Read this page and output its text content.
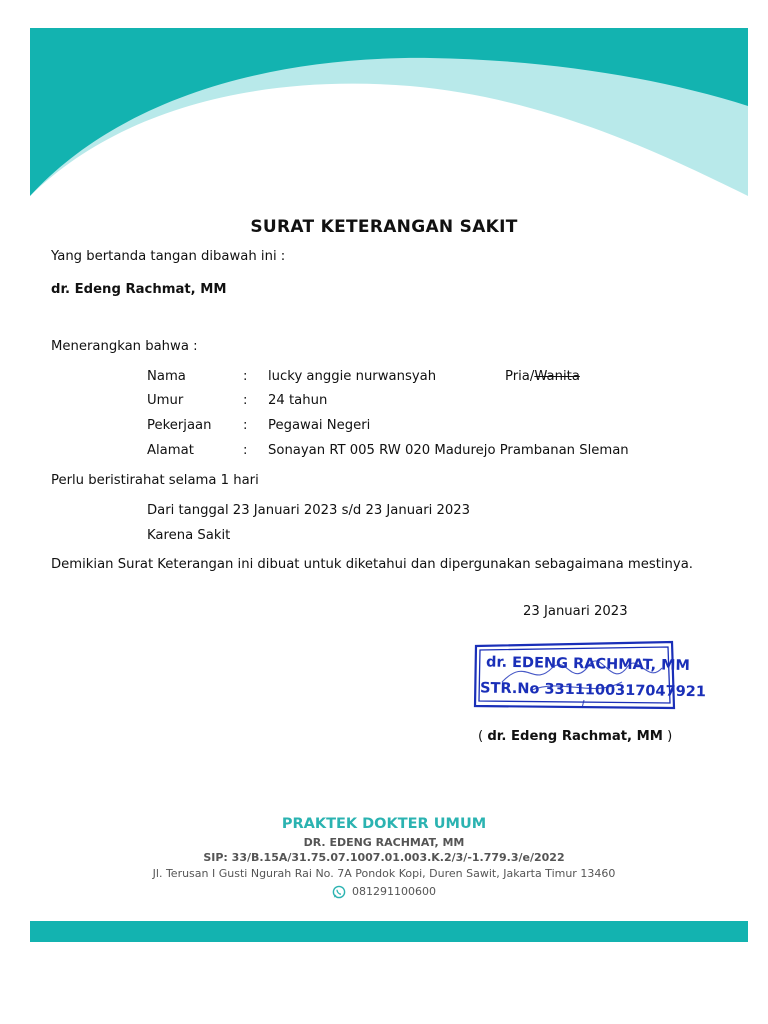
SURAT KETERANGAN SAKIT
Yang bertanda tangan dibawah ini :
dr. Edeng Rachmat, MM
Menerangkan bahwa :
Nama	: lucky anggie nurwansyah	Pria/Wanita
Umur	: 24 tahun
Pekerjaan : Pegawai Negeri
Alamat	: Sonayan RT 005 RW 020 Madurejo Prambanan Sleman
Perlu beristirahat selama 1 hari
Dari tanggal 23 Januari 2023 s/d 23 Januari 2023
Karena Sakit
Demikian Surat Keterangan ini dibuat untuk diketahui dan dipergunakan sebagaimana mestinya.
23 Januari 2023
dr. EDENG RACHMAT, MM
STR.No 3311100317047921
( dr. Edeng Rachmat, MM )
PRAKTEK DOKTER UMUM
DR. EDENG RACHMAT, MM
SIP: 33/B.15A/31.75.07.1007.01.003.K.2/3/-1.779.3/e/2022
Jl. Terusan I Gusti Ngurah Rai No. 7A Pondok Kopi, Duren Sawit, Jakarta Timur 13460
081291100600
